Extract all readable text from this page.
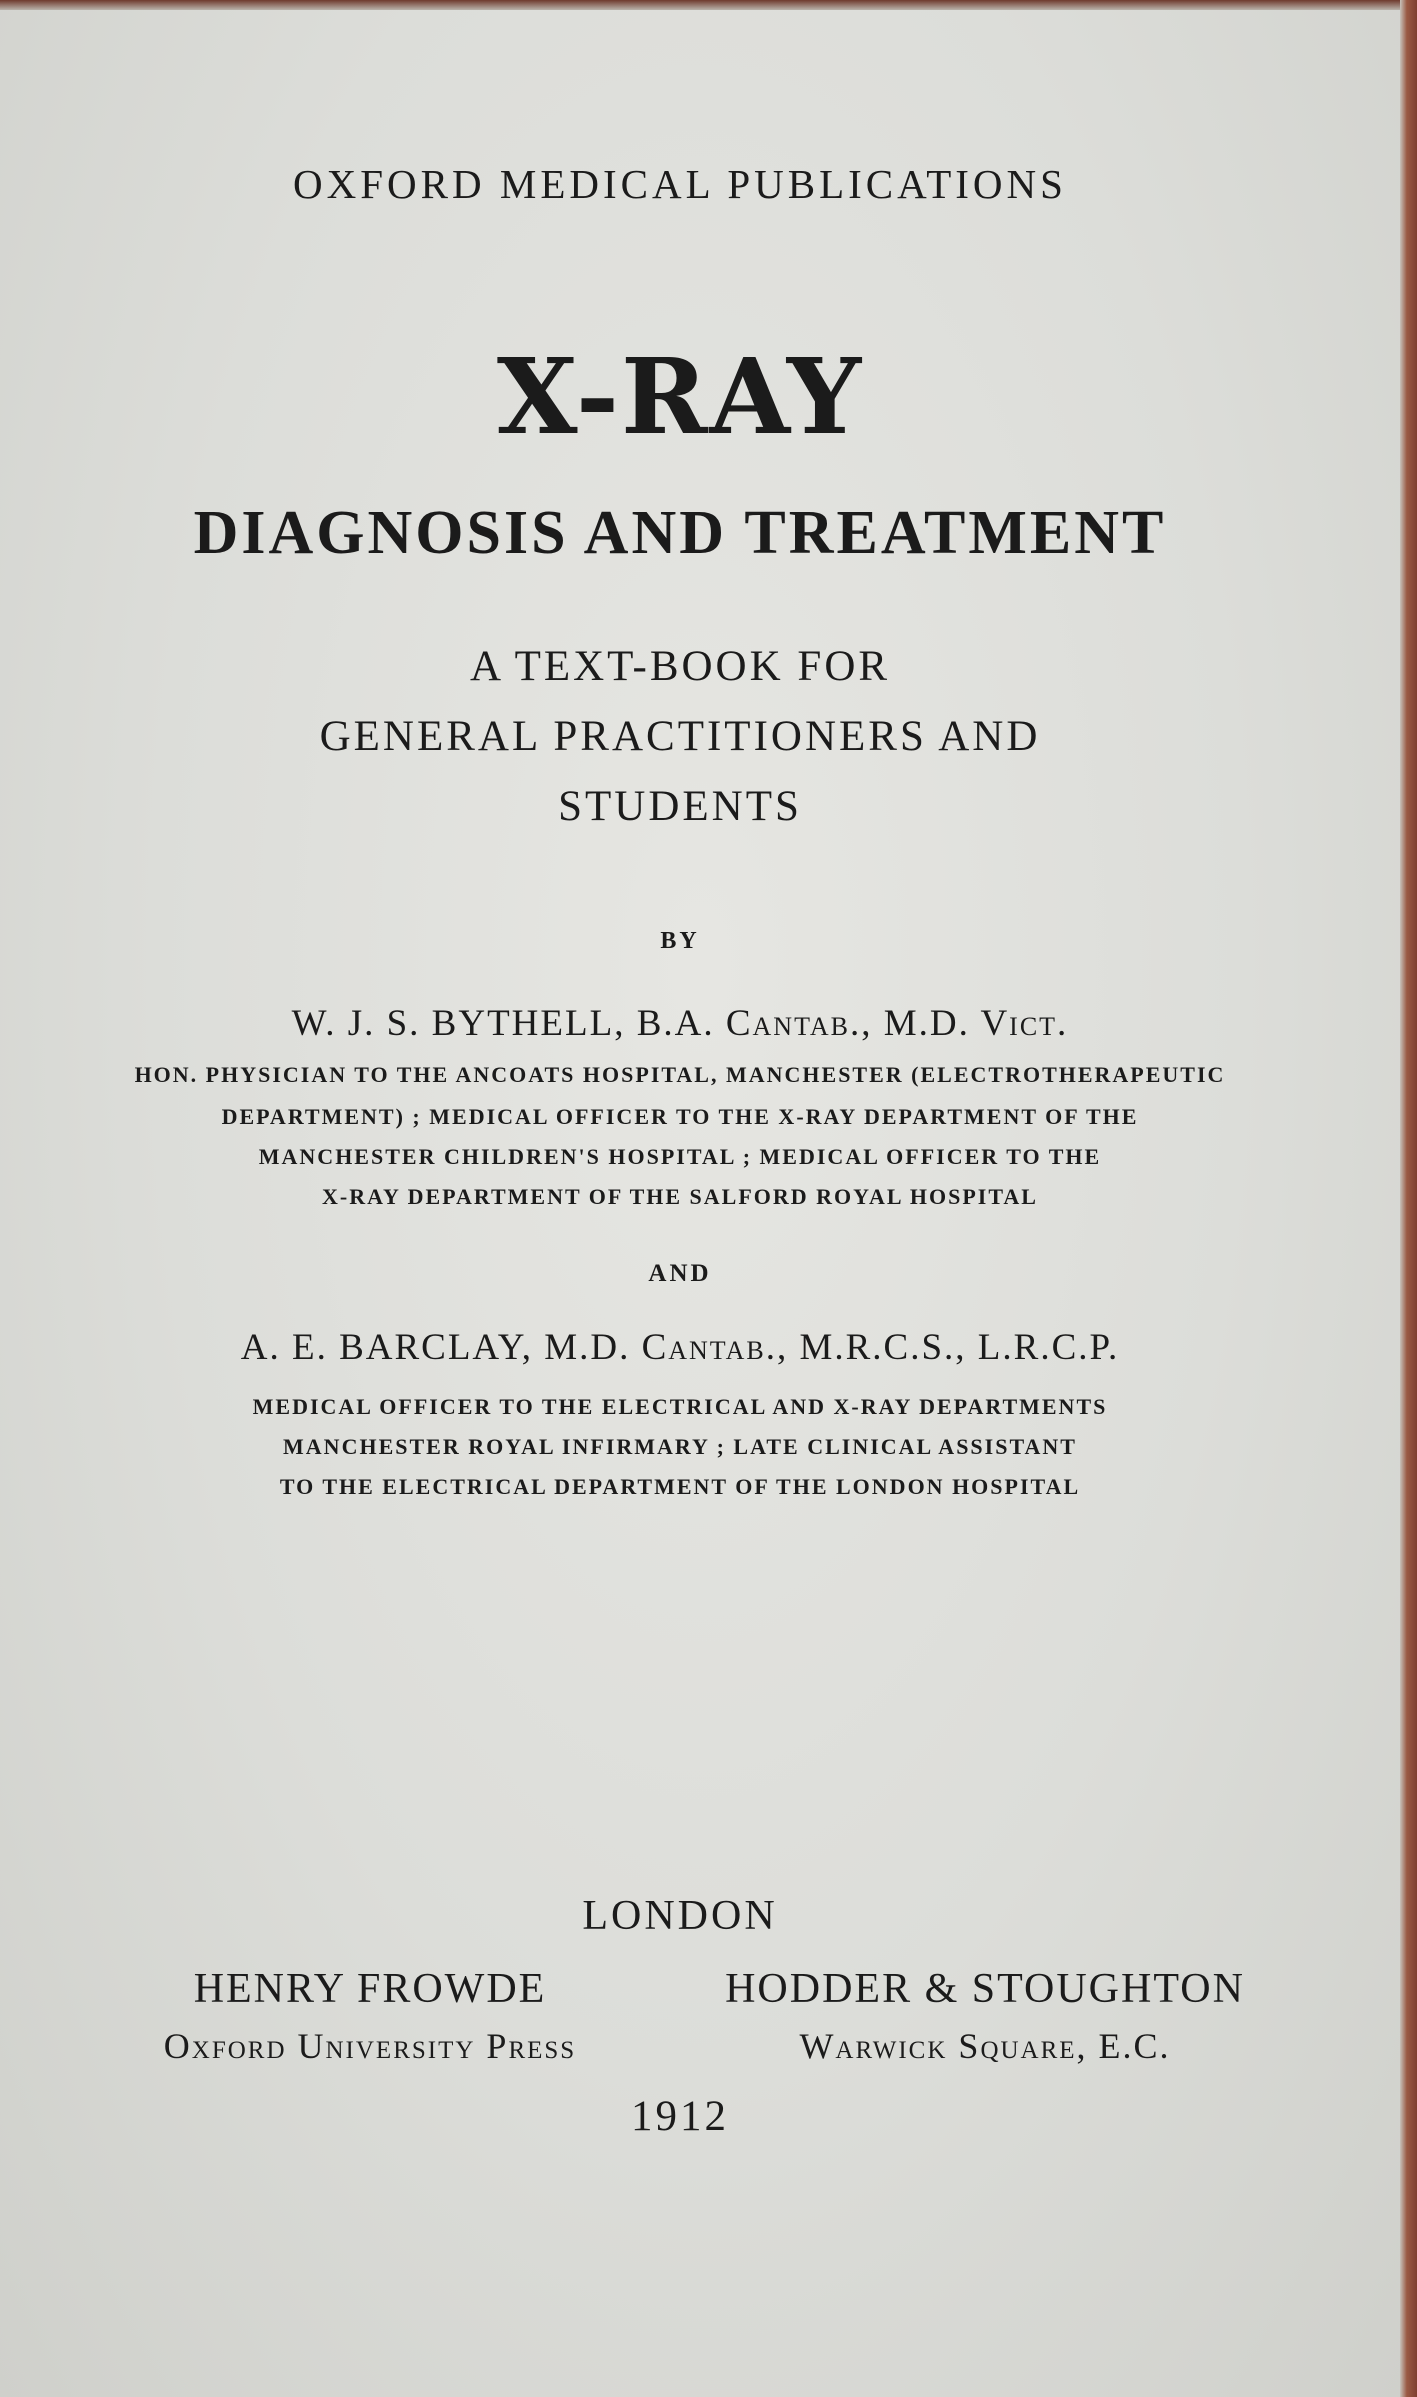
OXFORD MEDICAL PUBLICATIONS
X-RAY
DIAGNOSIS AND TREATMENT
A TEXT-BOOK FOR
GENERAL PRACTITIONERS AND
STUDENTS
BY
W. J. S. BYTHELL, B.A. Cantab., M.D. Vict.
HON. PHYSICIAN TO THE ANCOATS HOSPITAL, MANCHESTER (ELECTROTHERAPEUTIC
DEPARTMENT) ; MEDICAL OFFICER TO THE X-RAY DEPARTMENT OF THE
MANCHESTER CHILDREN'S HOSPITAL ; MEDICAL OFFICER TO THE
X-RAY DEPARTMENT OF THE SALFORD ROYAL HOSPITAL
AND
A. E. BARCLAY, M.D. Cantab., M.R.C.S., L.R.C.P.
MEDICAL OFFICER TO THE ELECTRICAL AND X-RAY DEPARTMENTS
MANCHESTER ROYAL INFIRMARY ; LATE CLINICAL ASSISTANT
TO THE ELECTRICAL DEPARTMENT OF THE LONDON HOSPITAL
LONDON
HENRY FROWDE
Oxford University Press
HODDER & STOUGHTON
Warwick Square, E.C.
1912
